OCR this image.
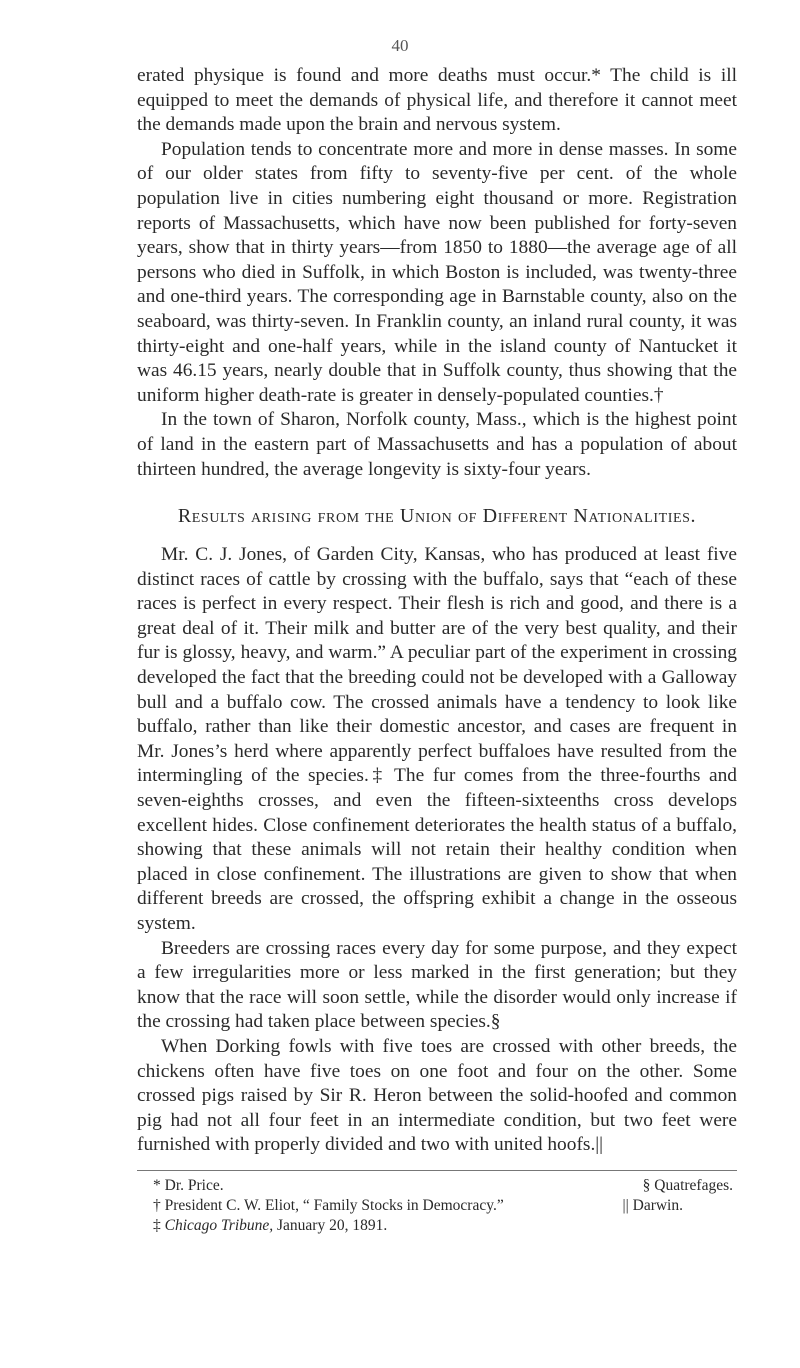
40

erated physique is found and more deaths must occur.* The child is ill equipped to meet the demands of physical life, and therefore it cannot meet the demands made upon the brain and nervous system.

Population tends to concentrate more and more in dense masses. In some of our older states from fifty to seventy-five per cent. of the whole population live in cities numbering eight thousand or more. Registration reports of Massachusetts, which have now been published for forty-seven years, show that in thirty years—from 1850 to 1880—the average age of all persons who died in Suffolk, in which Boston is included, was twenty-three and one-third years. The corresponding age in Barnstable county, also on the seaboard, was thirty-seven. In Franklin county, an inland rural county, it was thirty-eight and one-half years, while in the island county of Nantucket it was 46.15 years, nearly double that in Suffolk county, thus showing that the uniform higher death-rate is greater in densely-populated counties.†

In the town of Sharon, Norfolk county, Mass., which is the highest point of land in the eastern part of Massachusetts and has a population of about thirteen hundred, the average longevity is sixty-four years.

Results arising from the Union of Different Nationalities.

Mr. C. J. Jones, of Garden City, Kansas, who has produced at least five distinct races of cattle by crossing with the buffalo, says that “each of these races is perfect in every respect. Their flesh is rich and good, and there is a great deal of it. Their milk and butter are of the very best quality, and their fur is glossy, heavy, and warm.” A peculiar part of the experiment in crossing developed the fact that the breeding could not be developed with a Galloway bull and a buffalo cow. The crossed animals have a tendency to look like buffalo, rather than like their domestic ancestor, and cases are frequent in Mr. Jones’s herd where apparently perfect buffaloes have resulted from the intermingling of the species.‡ The fur comes from the three-fourths and seven-eighths crosses, and even the fifteen-sixteenths cross develops excellent hides. Close confinement deteriorates the health status of a buffalo, showing that these animals will not retain their healthy condition when placed in close confinement. The illustrations are given to show that when different breeds are crossed, the offspring exhibit a change in the osseous system.

Breeders are crossing races every day for some purpose, and they expect a few irregularities more or less marked in the first generation; but they know that the race will soon settle, while the disorder would only increase if the crossing had taken place between species.§

When Dorking fowls with five toes are crossed with other breeds, the chickens often have five toes on one foot and four on the other. Some crossed pigs raised by Sir R. Heron between the solid-hoofed and common pig had not all four feet in an intermediate condition, but two feet were furnished with properly divided and two with united hoofs.||

* Dr. Price.	§ Quatrefages.
† President C. W. Eliot, “ Family Stocks in Democracy.”	|| Darwin.
‡ Chicago Tribune, January 20, 1891.
